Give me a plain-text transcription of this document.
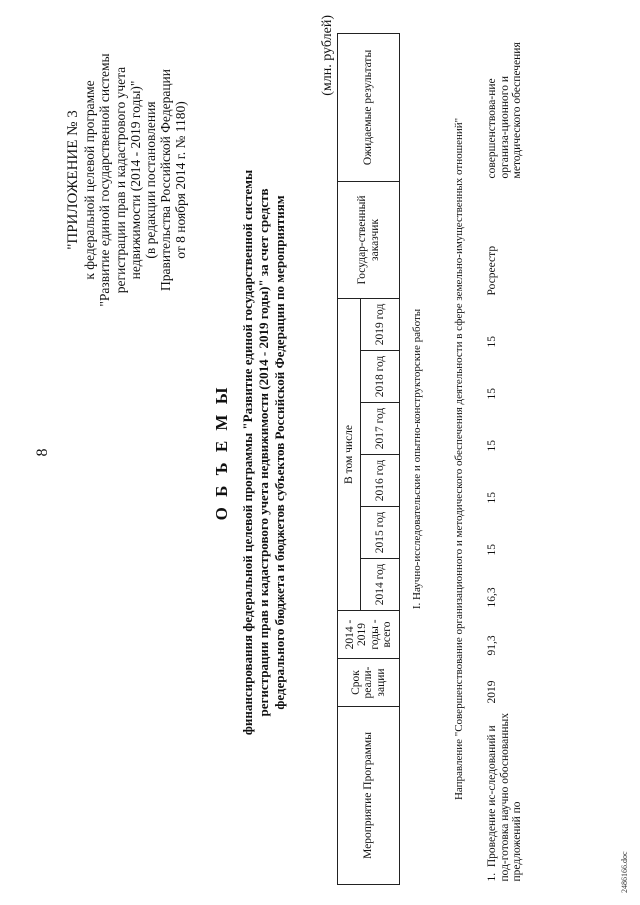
8
"ПРИЛОЖЕНИЕ № 3 к федеральной целевой программе "Развитие единой государственной системы регистрации прав и кадастрового учета недвижимости (2014 - 2019 годы)" (в редакции постановления Правительства Российской Федерации от 8 ноября 2014 г. № 1180)
О Б Ъ Е М Ы финансирования федеральной целевой программы "Развитие единой государственной системы регистрации прав и кадастрового учета недвижимости (2014 - 2019 годы)" за счет средств федерального бюджета и бюджетов субъектов Российской Федерации по мероприятиям
(млн. рублей)
Мероприятие Программы	Срок реали-зации	2014 - 2019 годы - всего	В том числе						Государ-ственный заказчик	Ожидаемые результаты
			2014 год	2015 год	2016 год	2017 год	2018 год	2019 год		
I. Научно-исследовательские и опытно-конструкторские работы										
Направление "Совершенствование организационного и методического обеспечения деятельности в сфере земельно-имущественных отношений"										
1.  Проведение ис-следований и под-готовка научно обоснованных предложений по	2019	91,3	16,3	15	15	15	15	15	Росреестр	совершенствова-ние организа-ционного и методического обеспечения
2486166.doc
